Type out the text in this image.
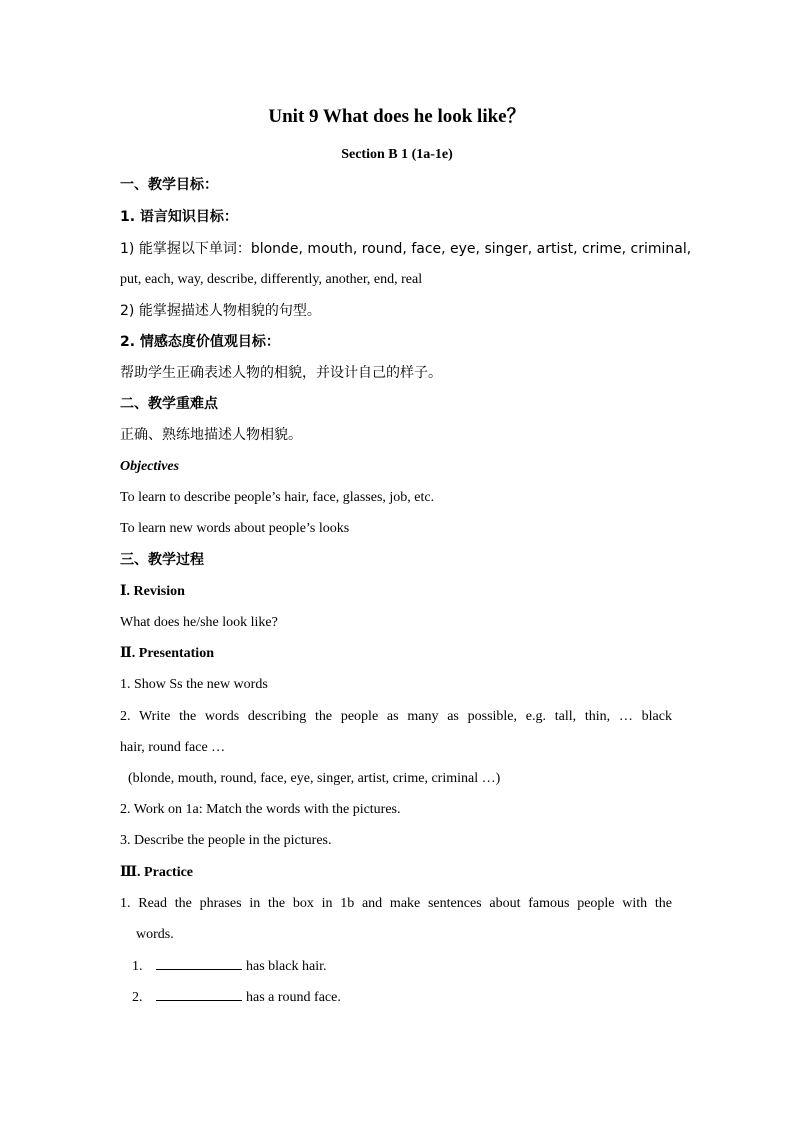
Unit 9 What does he look like？
Section B 1 (1a-1e)
一、教学目标：
1. 语言知识目标：
1) 能掌握以下单词：blonde, mouth, round, face, eye, singer, artist, crime, criminal,
put, each, way, describe, differently, another, end, real
2) 能掌握描述人物相貌的句型。
2. 情感态度价值观目标：
帮助学生正确表述人物的相貌，并设计自己的样子。
二、教学重难点
正确、熟练地描述人物相貌。
Objectives
To learn to describe people’s hair, face, glasses, job, etc.
To learn new words about people’s looks
三、教学过程
Ⅰ. Revision
What does he/she look like?
Ⅱ. Presentation
1. Show Ss the new words
2. Write the words describing the people as many as possible, e.g. tall, thin, … black
hair, round face …
(blonde, mouth, round, face, eye, singer, artist, crime, criminal …)
2. Work on 1a: Match the words with the pictures.
3. Describe the people in the pictures.
Ⅲ. Practice
1. Read the phrases in the box in 1b and make sentences about famous people with the
words.
1.	has black hair.
2.	has a round face.
